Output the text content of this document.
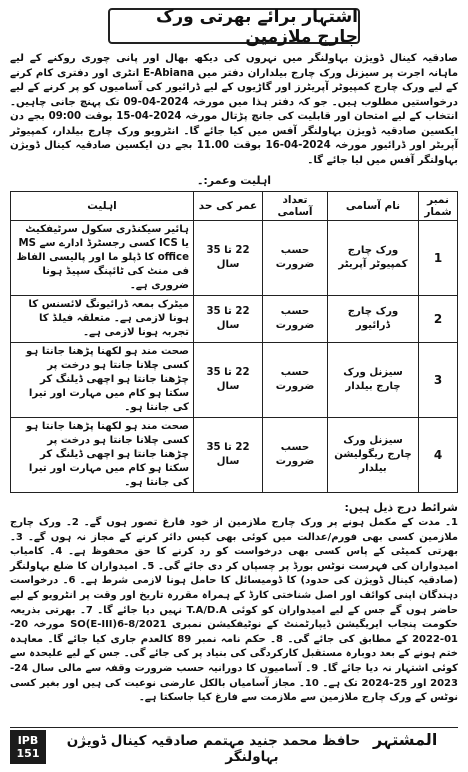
اشتہار برائے بھرتی ورک چارج ملازمین
صادقیہ کینال ڈویژن بہاولنگر میں نہروں کی دیکھ بھال اور پانی چوری روکنے کے لیے ماہانہ اجرت پر سیزنل ورک چارج بیلداران دفتر میں E-Abiana انٹری اور دفتری کام کرنے کے لیے ورک چارج کمپیوٹر آپریٹرز اور گاڑیوں کے لیے ڈرائیور کی آسامیوں کو پر کرنے کے لیے درخواستیں مطلوب ہیں۔ جو کہ دفتر ہذا میں مورخہ 2024-04-09 تک پہنچ جانی چاہیں۔ انتخاب کے لیے امتحان اور قابلیت کی جانچ پڑتال مورخہ 2024-04-15 بوقت 09:00 بجے دن ایکسین صادقیہ ڈویژن بہاولنگر آفس میں کیا جائے گا۔ انٹرویو ورک چارج بیلدار، کمپیوٹر آپریٹر اور ڈرائیور مورخہ 2024-04-16 بوقت 11.00 بجے دن ایکسین صادقیہ کینال ڈویژن بہاولنگر آفس میں لیا جائے گا۔
اہلیت وعمر:۔
نمبر شمار	نام آسامی	تعداد آسامی	عمر کی حد	اہلیت
1	ورک چارج کمپیوٹر آپریٹر	حسب ضرورت	22 تا 35 سال	ہائیر سیکنڈری سکول سرٹیفکیٹ یا ICS کسی رجسٹرڈ ادارے سے MS office کا ڈپلو ما اور پالیسی الفاظ فی منٹ کی ٹائپنگ سپیڈ ہونا ضروری ہے۔
2	ورک چارج ڈرائیور	حسب ضرورت	22 تا 35 سال	میٹرک بمعہ ڈرائیونگ لائسنس کا ہونا لازمی ہے۔ متعلقہ فیلڈ کا تجربہ ہونا لازمی ہے۔
3	سیزنل ورک چارج بیلدار	حسب ضرورت	22 تا 35 سال	صحت مند ہو لکھنا پڑھنا جانتا ہو کسی چلانا جانتا ہو درخت پر چڑھنا جانتا ہو اچھی ڈیلنگ کر سکتا ہو کام میں مہارت اور تیرا کی جانتا ہو۔
4	سیزنل ورک چارج ریگولیشن بیلدار	حسب ضرورت	22 تا 35 سال	صحت مند ہو لکھنا پڑھنا جانتا ہو کسی چلانا جانتا ہو درخت پر چڑھنا جانتا ہو اچھی ڈیلنگ کر سکتا ہو کام میں مہارت اور تیرا کی جانتا ہو۔
شرائط درج ذیل ہیں:
1۔ مدت کے مکمل ہونے پر ورک چارج ملازمین از خود فارغ تصور ہوں گے۔ 2۔ ورک چارج ملازمین کسی بھی فورم/عدالت میں کوئی بھی کیس دائر کرنے کے مجاز نہ ہوں گے۔ 3۔ بھرتی کمیٹی کے پاس کسی بھی درخواست کو رد کرنے کا حق محفوظ ہے۔ 4۔ کامیاب امیدواران کی فہرست نوٹس بورڈ پر چسپاں کر دی جائے گی۔ 5۔ امیدواران کا ضلع بہاولنگر (صادقیہ کینال ڈویژن کی حدود) کا ڈومیسائل کا حامل ہونا لازمی شرط ہے۔ 6۔ درخواست دہندگان اپنی کوائف اور اصل شناختی کارڈ کے ہمراہ مقررہ تاریخ اور وقت پر انٹرویو کے لیے حاضر ہوں گے جس کے لیے امیدواران کو کوئی T.A/D.A نہیں دیا جائے گا۔ 7۔ بھرتی بذریعہ حکومت پنجاب ایریگیشن ڈیپارٹمنٹ کے نوٹیفکیشن نمبری SO(E-III)6-8/2021 مورخہ 20-01-2022 کے مطابق کی جائے گی۔ 8۔ حکم نامہ نمبر 89 کالعدم جاری کیا جائے گا۔ معاہدہ ختم ہونے کے بعد دوبارہ مستقبل کارکردگی کی بنیاد پر کی جائے گی۔ جس کے لیے علیحدہ سے کوئی اشتہار نہ دیا جائے گا۔ 9۔ آسامیوں کا دورانیہ حسب ضرورت وقفہ سے مالی سال 24-2023 اور 25-2024 تک ہے۔ 10۔ مجاز آسامیاں بالکل عارضی نوعیت کی ہیں اور بغیر کسی نوٹس کے ورک چارج ملازمین سے ملازمت سے فارغ کیا جاسکتا ہے۔
IPB
151
المشتہر حافظ محمد جنید مہتمم صادقیہ کینال ڈویژن بہاولنگر
